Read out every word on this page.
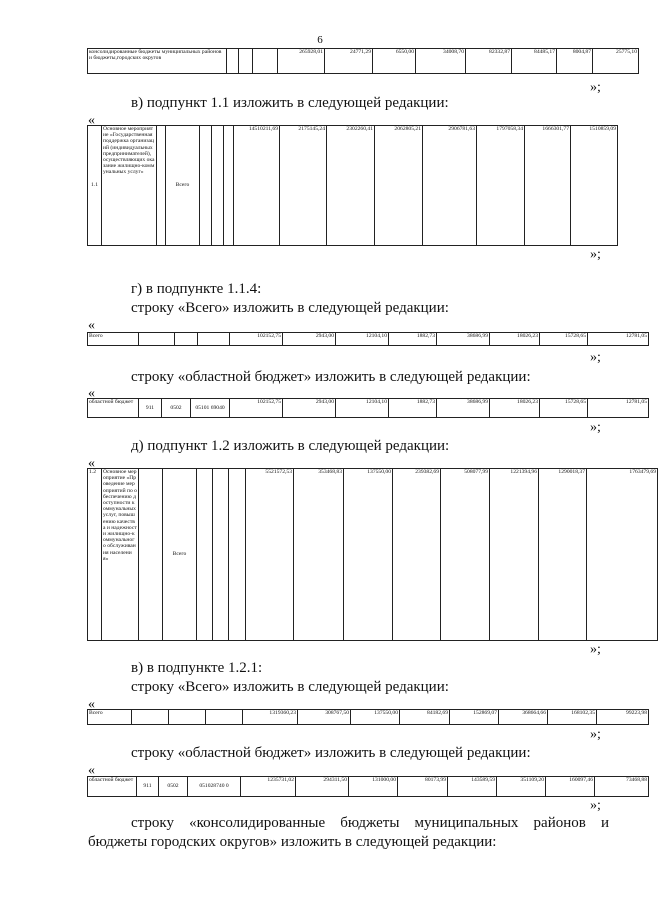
6
консолидированные бюджеты муниципальных районов и бюджеты,городских округов				265928,01	24771,29	6550,00	34008,70	82332,87	84485,17	8004,87	25775,10
»;
в) подпункт 1.1 изложить в следующей редакции:
«
1.1	Основное мероприятие «Государственная поддержка организаций (индивидуальных предпринимателей), осуществляющих оказание жилищно-коммунальных услуг»		Всего				14510211,69	2175145,24	2302260,41	2062805,21	2906781,63	1797058,34	1666301,77	1510859,09
»;
г) в подпункте 1.1.4:
строку «Всего» изложить в следующей редакции:
«
Всего				102152,75	2943,00	12104,10	1882,73	38686,99	18026,23	15728,65	12781,05
»;
строку «областной бюджет» изложить в следующей редакции:
«
областной бюджет	911	0502	05101 69040	102152,75	2943,00	12104,10	1882,73	38686,99	18026,23	15728,65	12781,05
»;
д) подпункт 1.2 изложить в следующей редакции:
«
1.2	Основное мероприятие «Проведение мероприятий по обеспечению доступности коммунальных услуг, повышению качества и надежности жилищно-коммунального обслуживания населения»		Всего				5521572,53	353468,83	137550,00	239382,69	508077,99	1221394,96	1290018,37	1763479,69
»;
в) в подпункте 1.2.1:
строку «Всего» изложить в следующей редакции:
«
Всего				1319360,23	308767,50	137550,00	84182,69	152869,07	368664,66	168102,35	99223,98
»;
строку «областной бюджет» изложить в следующей редакции:
«
областной бюджет	911	0502	051028740 0	1235731,02	294311,50	131000,00	80173,99	143589,59	351109,20	160097,46	73468,88
»;
строку «консолидированные бюджеты муниципальных районов и
бюджеты городских округов» изложить в следующей редакции:
